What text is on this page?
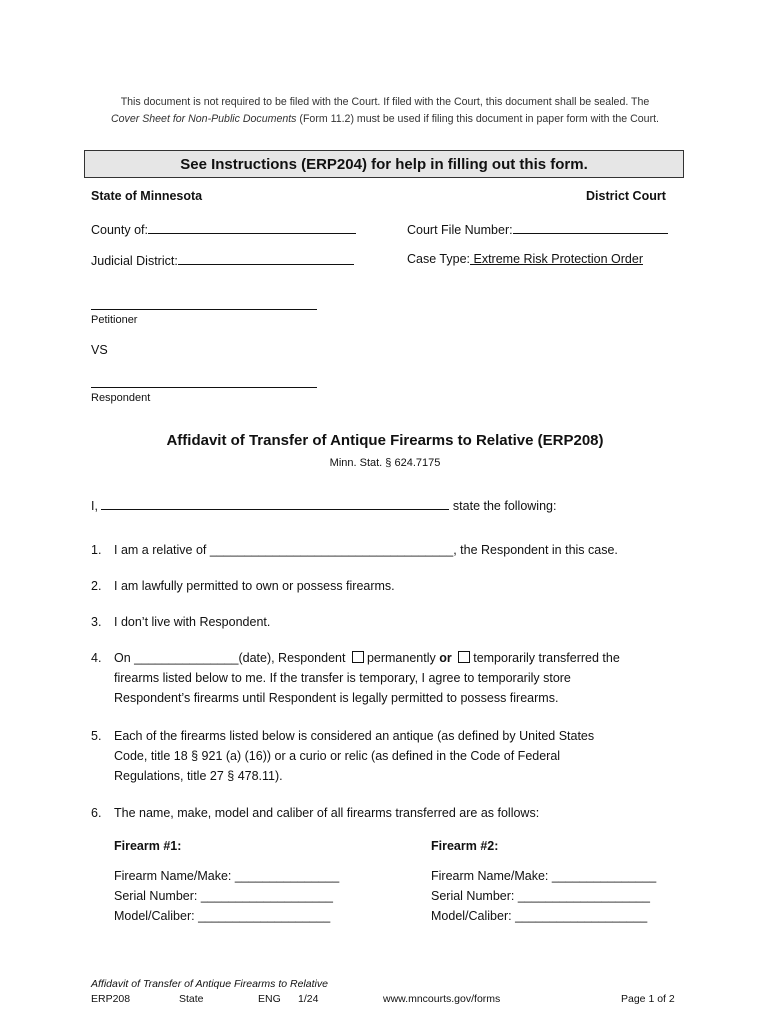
This document is not required to be filed with the Court. If filed with the Court, this document shall be sealed. The
Cover Sheet for Non-Public Documents (Form 11.2) must be used if filing this document in paper form with the Court.
See Instructions (ERP204) for help in filling out this form.
State of Minnesota	District Court
County of:	Court File Number:
Judicial District:	Case Type: Extreme Risk Protection Order
Petitioner
VS
Respondent
Affidavit of Transfer of Antique Firearms to Relative (ERP208)
Minn. Stat. § 624.7175
I,	state the following:
1. I am a relative of ___________________________________, the Respondent in this case.
2. I am lawfully permitted to own or possess firearms.
3. I don’t live with Respondent.
4. On _______________(date), Respondent permanently or temporarily transferred the
firearms listed below to me. If the transfer is temporary, I agree to temporarily store
Respondent’s firearms until Respondent is legally permitted to possess firearms.
5. Each of the firearms listed below is considered an antique (as defined by United States
Code, title 18 § 921 (a) (16)) or a curio or relic (as defined in the Code of Federal
Regulations, title 27 § 478.11).
6. The name, make, model and caliber of all firearms transferred are as follows:
Firearm #1:
Firearm Name/Make: _______________
Serial Number: ___________________
Model/Caliber: ___________________
Firearm #2:
Firearm Name/Make: _______________
Serial Number: ___________________
Model/Caliber: ___________________
Affidavit of Transfer of Antique Firearms to Relative
ERP208	State	ENG 1/24	www.mncourts.gov/forms	Page 1 of 2
